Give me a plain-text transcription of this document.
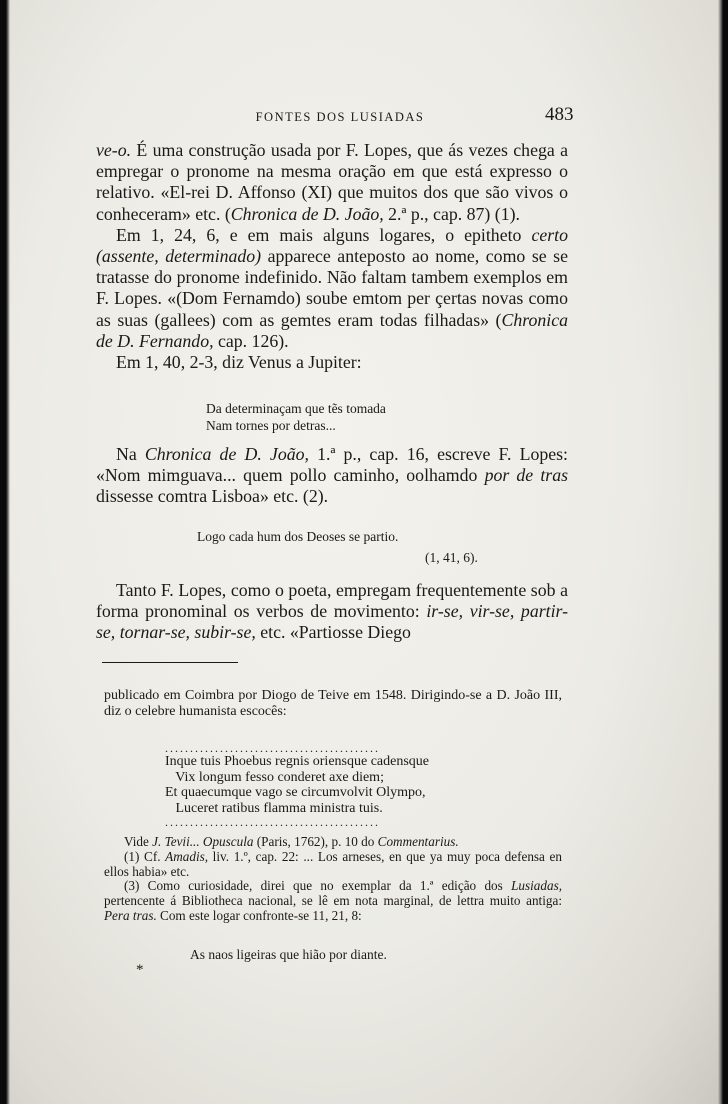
FONTES DOS LUSIADAS	483

ve-o. É uma construção usada por F. Lopes, que ás vezes chega a empregar o pronome na mesma oração em que está expresso o relativo. «El-rei D. Affonso (XI) que muitos dos que são vivos o conheceram» etc. (Chronica de D. João, 2.ª p., cap. 87) (1).

Em 1, 24, 6, e em mais alguns logares, o epitheto certo (assente, determinado) apparece anteposto ao nome, como se se tratasse do pronome indefinido. Não faltam tambem exemplos em F. Lopes. «(Dom Fernamdo) soube emtom per çertas novas como as suas (gallees) com as gemtes eram todas filhadas» (Chronica de D. Fernando, cap. 126).

Em 1, 40, 2-3, diz Venus a Jupiter:

Da determinaçam que tẽs tomada
Nam tornes por detras...

Na Chronica de D. João, 1.ª p., cap. 16, escreve F. Lopes: «Nom mimguava... quem pollo caminho, oolhamdo por de tras dissesse comtra Lisboa» etc. (2).

Logo cada hum dos Deoses se partio.
(1, 41, 6).

Tanto F. Lopes, como o poeta, empregam frequentemente sob a forma pronominal os verbos de movimento: ir-se, vir-se, partir-se, tornar-se, subir-se, etc. «Partiosse Diego

publicado em Coimbra por Diogo de Teive em 1548. Dirigindo-se a D. João III, diz o celebre humanista escocês:

...........................................
Inque tuis Phoebus regnis oriensque cadensque
Vix longum fesso conderet axe diem;
Et quaecumque vago se circumvolvit Olympo,
Luceret ratibus flamma ministra tuis.
...........................................

Vide J. Tevii... Opuscula (Paris, 1762), p. 10 do Commentarius.

(1) Cf. Amadis, liv. 1.º, cap. 22: ... Los arneses, en que ya muy poca defensa en ellos habia» etc.

(3) Como curiosidade, direi que no exemplar da 1.ª edição dos Lusiadas, pertencente á Bibliotheca nacional, se lê em nota marginal, de lettra muito antiga: Pera tras. Com este logar confronte-se 11, 21, 8:

As naos ligeiras que hião por diante.
*
